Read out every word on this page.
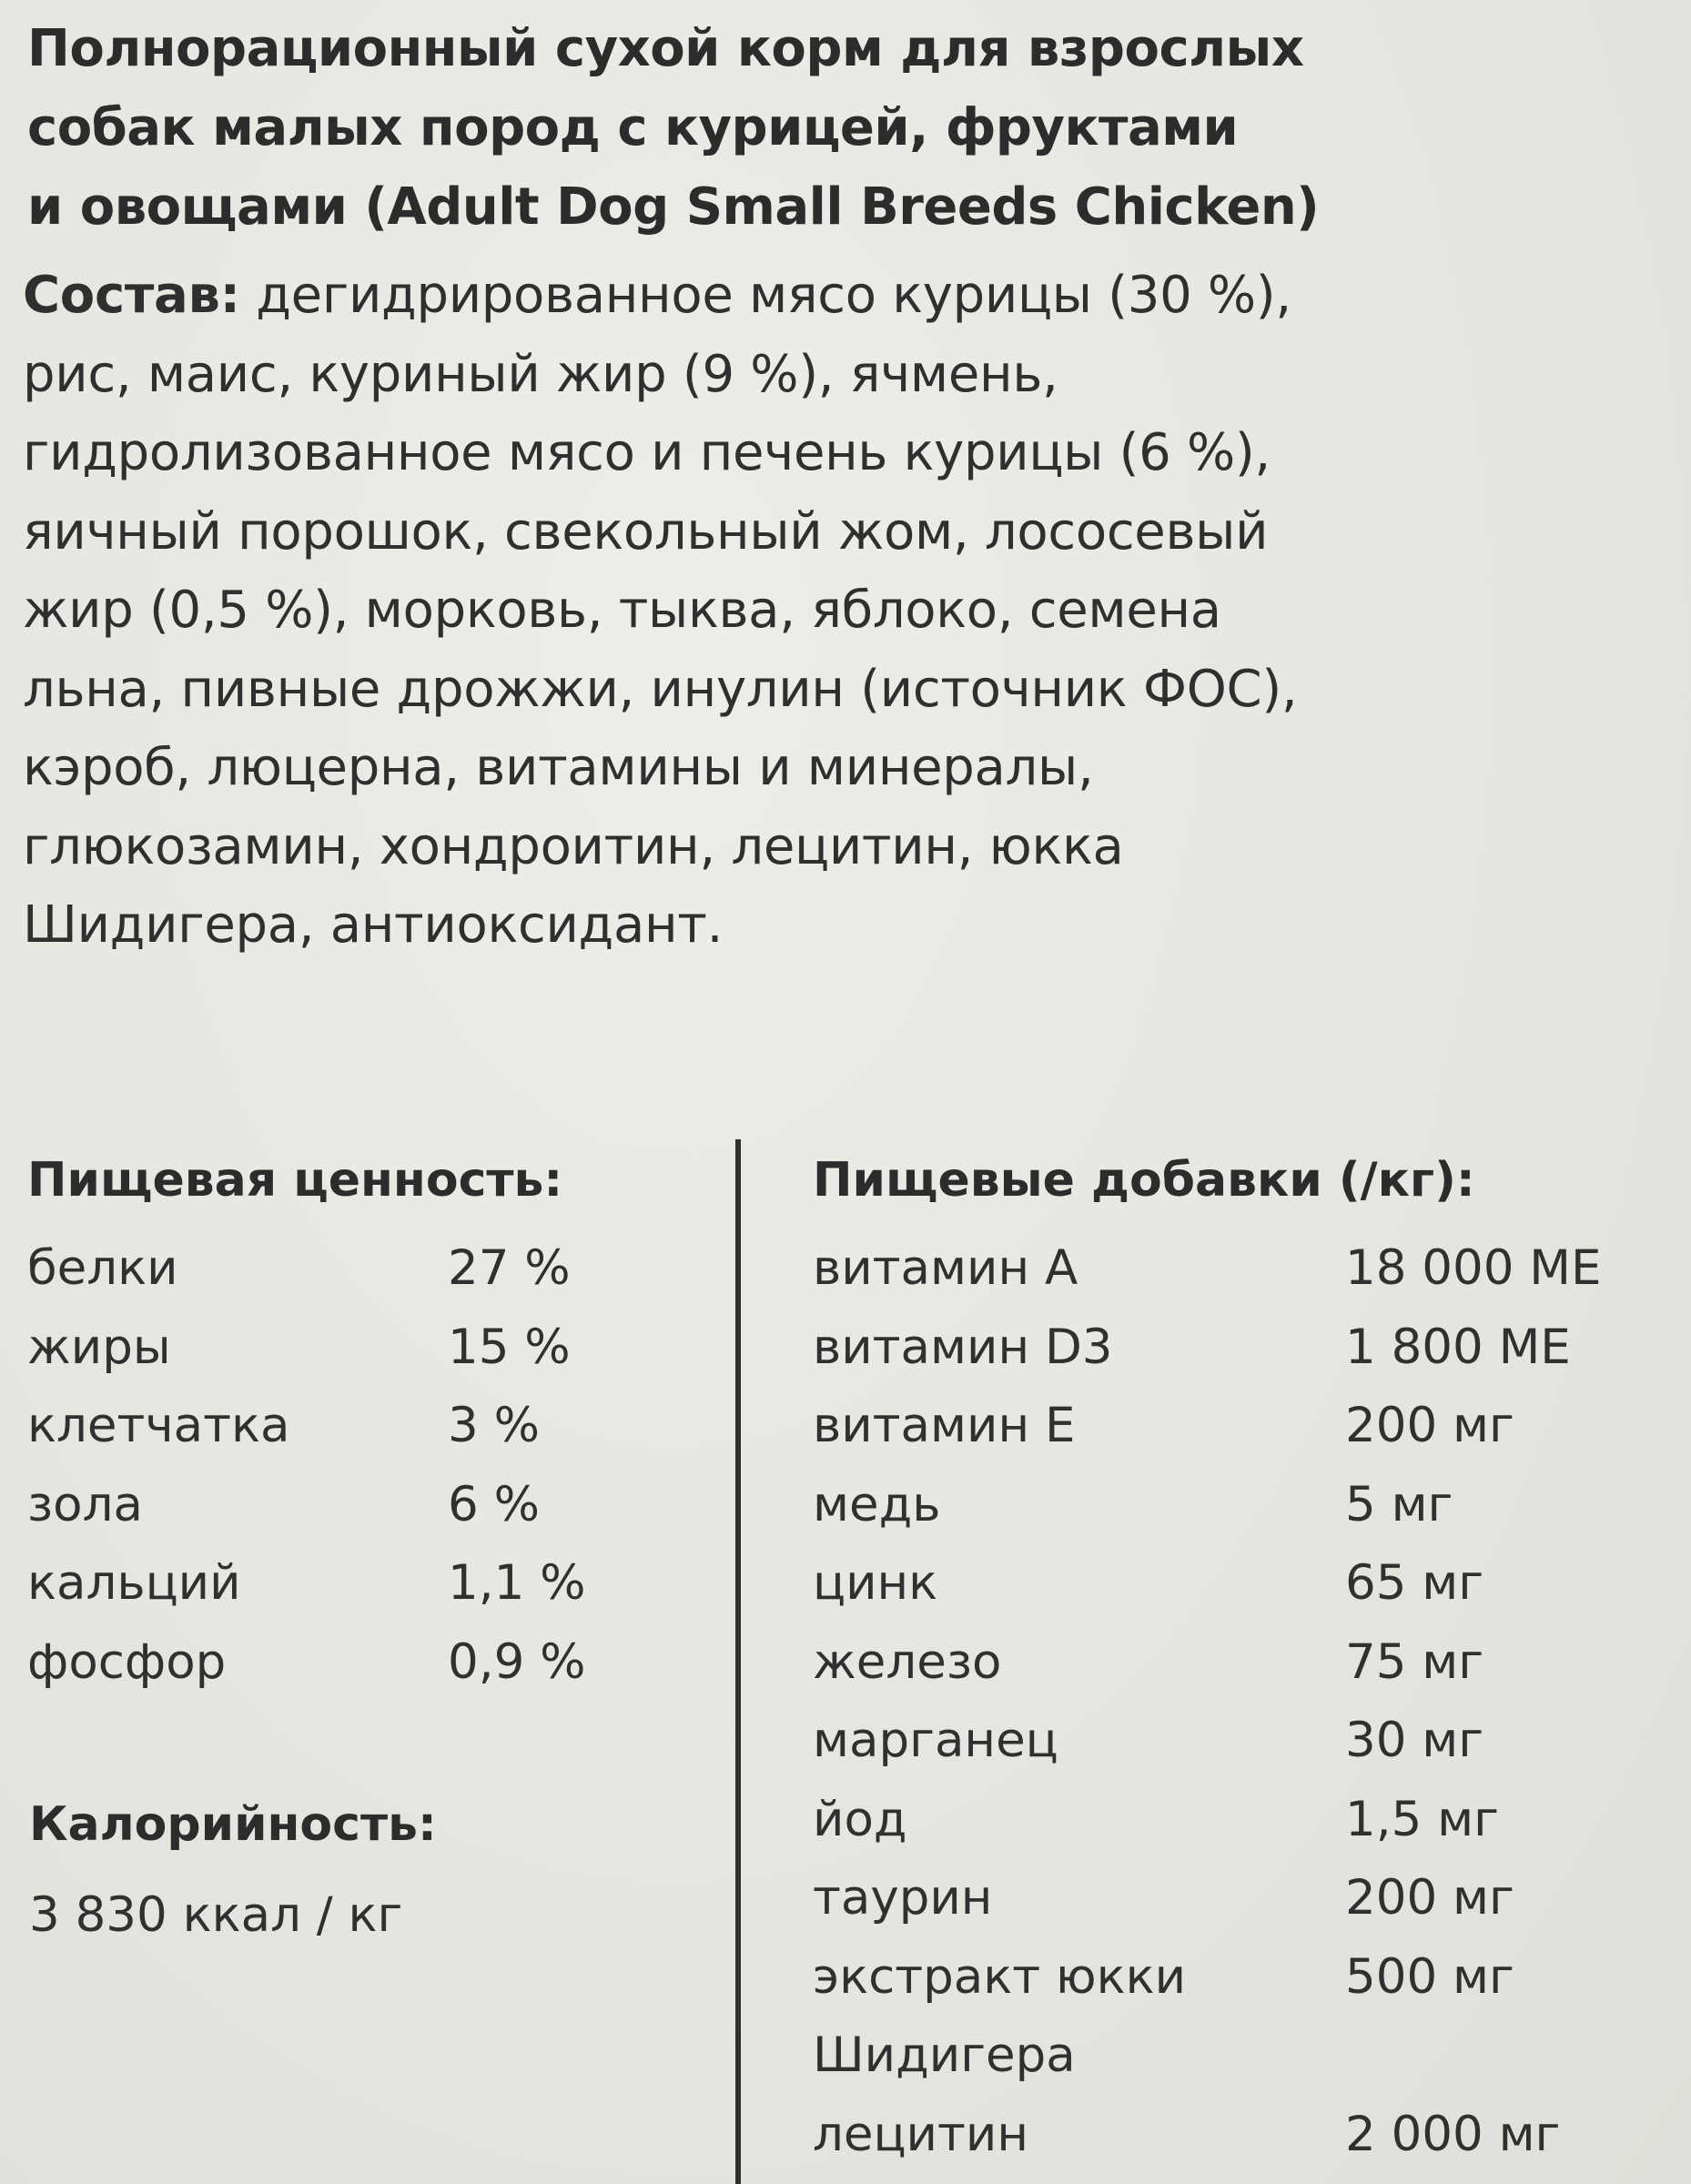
Полнорационный сухой корм для взрослых
собак малых пород с курицей, фруктами
и овощами (Adult Dog Small Breeds Chicken)
Состав: дегидрированное мясо курицы (30 %),
рис, маис, куриный жир (9 %), ячмень,
гидролизованное мясо и печень курицы (6 %),
яичный порошок, свекольный жом, лососевый
жир (0,5 %), морковь, тыква, яблоко, семена
льна, пивные дрожжи, инулин (источник ФОС),
кэроб, люцерна, витамины и минералы,
глюкозамин, хондроитин, лецитин, юкка
Шидигера, антиоксидант.
Пищевая ценность:
белки	27 %
жиры	15 %
клетчатка	3 %
зола	6 %
кальций	1,1 %
фосфор	0,9 %
Калорийность:
3 830 ккал / кг
Пищевые добавки (/кг):
витамин А	18 000 МЕ
витамин D3	1 800 МЕ
витамин Е	200 мг
медь	5 мг
цинк	65 мг
железо	75 мг
марганец	30 мг
йод	1,5 мг
таурин	200 мг
экстракт юкки	500 мг
Шидигера
лецитин	2 000 мг
